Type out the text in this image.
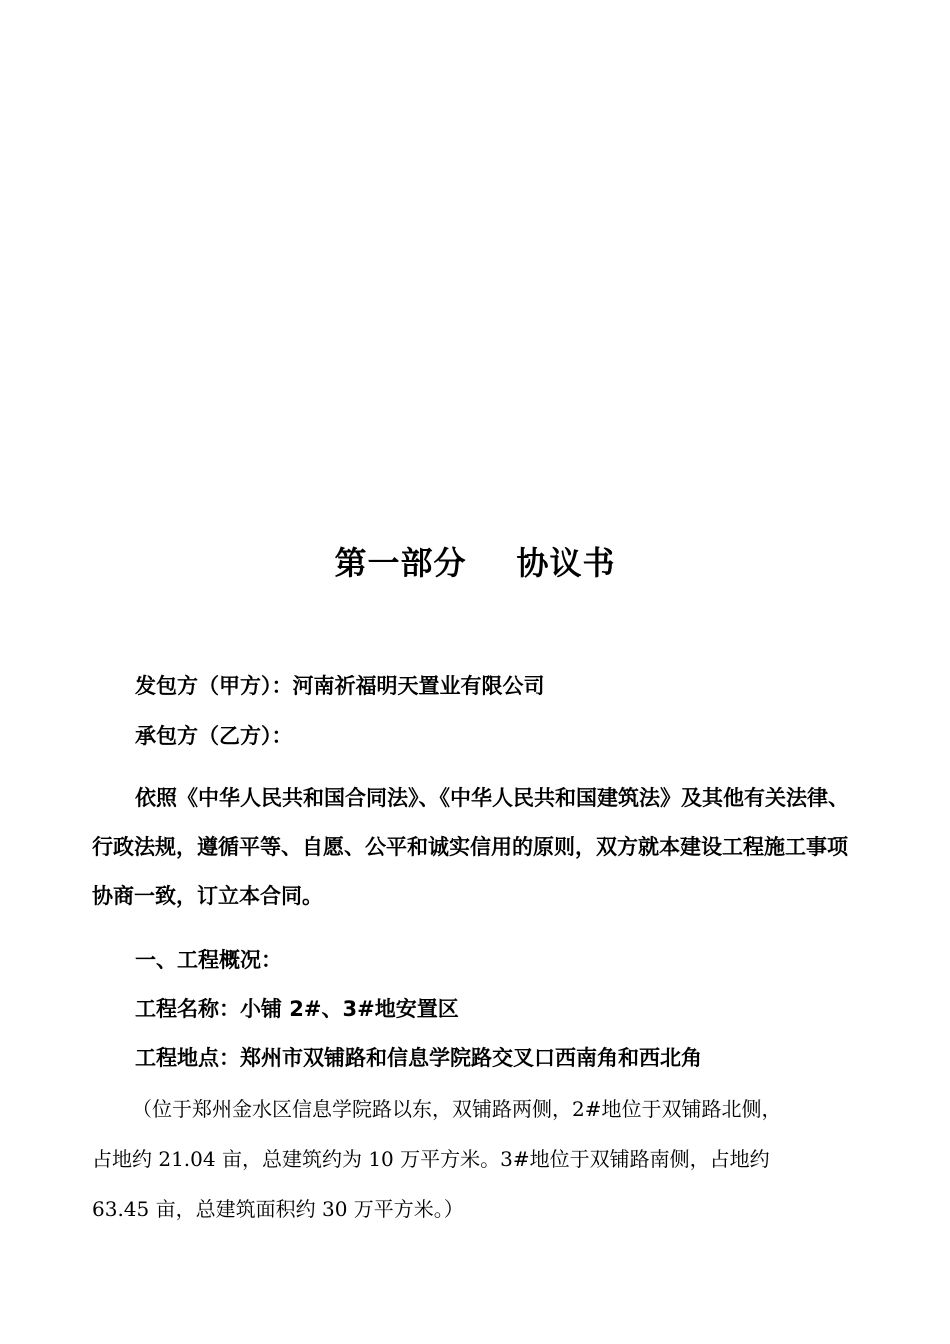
第一部分 协议书
发包方（甲方）：河南祈福明天置业有限公司
承包方（乙方）：
依照《中华人民共和国合同法》、《中华人民共和国建筑法》及其他有关法律、
行政法规，遵循平等、自愿、公平和诚实信用的原则，双方就本建设工程施工事项
协商一致，订立本合同。
一、工程概况：
工程名称：小铺 2#、3#地安置区
工程地点：郑州市双铺路和信息学院路交叉口西南角和西北角
（位于郑州金水区信息学院路以东，双铺路两侧，2#地位于双铺路北侧，
占地约 21.04 亩，总建筑约为 10 万平方米。3#地位于双铺路南侧，占地约
63.45 亩，总建筑面积约 30 万平方米。）
